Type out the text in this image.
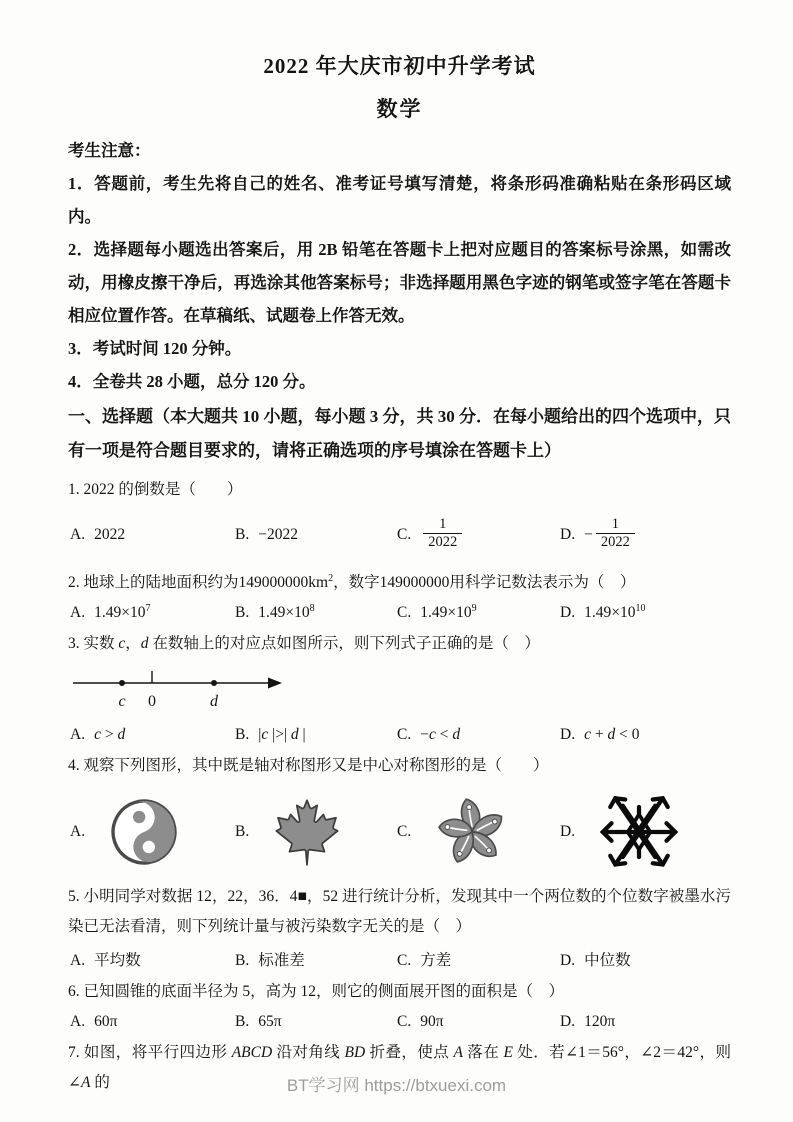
2022 年大庆市初中升学考试
数学

考生注意：

1．答题前，考生先将自己的姓名、准考证号填写清楚，将条形码准确粘贴在条形码区域内。

2．选择题每小题选出答案后，用 2B 铅笔在答题卡上把对应题目的答案标号涂黑，如需改动，用橡皮擦干净后，再选涂其他答案标号；非选择题用黑色字迹的钢笔或签字笔在答题卡相应位置作答。在草稿纸、试题卷上作答无效。

3．考试时间 120 分钟。

4．全卷共 28 小题，总分 120 分。

一、选择题（本大题共 10 小题，每小题 3 分，共 30 分．在每小题给出的四个选项中，只有一项是符合题目要求的，请将正确选项的序号填涂在答题卡上）

1. 2022 的倒数是（　　）
A. 2022	B. −2022	C. $\frac{1}{2022}$	D. − $\frac{1}{2022}$
2. 地球上的陆地面积约为$149000000km^2$，数字149000000用科学记数法表示为（　）
A. $1.49\times 10^7$	B. $1.49\times 10^8$	C. $1.49\times 10^9$	D. $1.49\times 10^{10}$
3. 实数 c，d 在数轴上的对应点如图所示，则下列式子正确的是（　）
c 0	d
A. c > d	B. |c |>| d |	C. −c < d	D. c + d < 0
4. 观察下列图形，其中既是轴对称图形又是中心对称图形的是（　　）
A.	B.	C.	D.
5. 小明同学对数据 12，22，36．4■，52 进行统计分析，发现其中一个两位数的个位数字被墨水污染已无法看清，则下列统计量与被污染数字无关的是（　）
A. 平均数	B. 标准差	C. 方差	D. 中位数
6. 已知圆锥的底面半径为 5，高为 12，则它的侧面展开图的面积是（　）
A. 60π	B. 65π	C. 90π	D. 120π
7. 如图，将平行四边形 ABCD 沿对角线 BD 折叠，使点 A 落在 E 处．若∠1＝56°，∠2＝42°，则∠A 的	BT学习网 https://btxuexi.com
